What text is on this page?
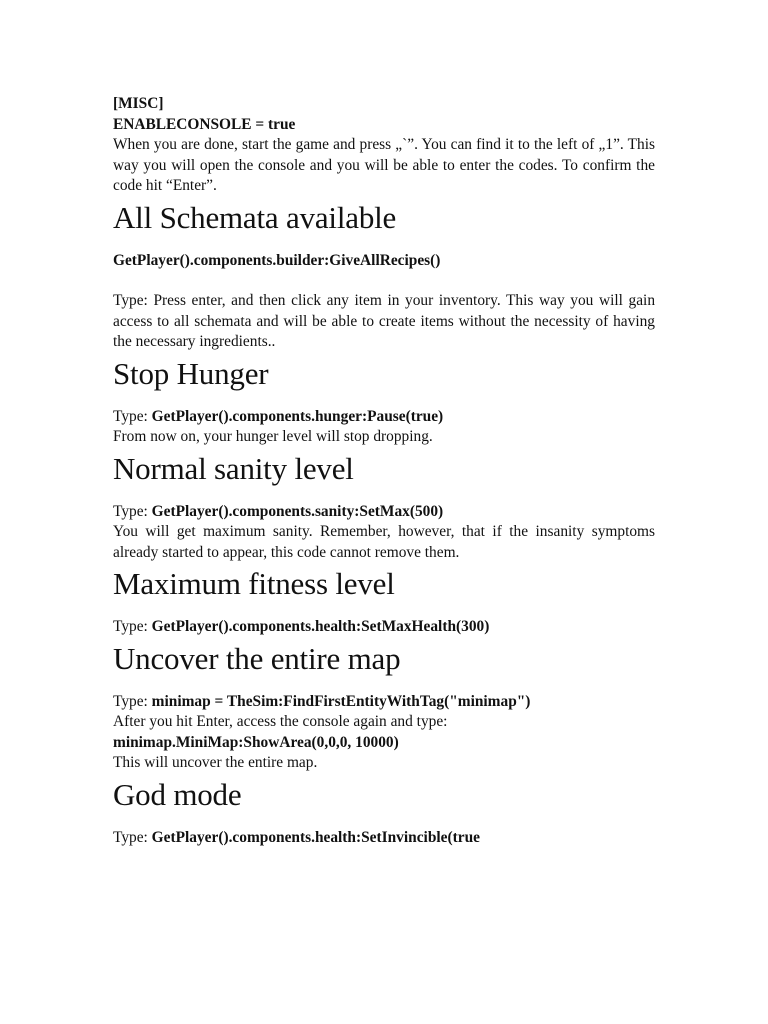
[MISC]

ENABLECONSOLE = true

When you are done, start the game and press „`”. You can find it to the left of „1”. This way you will open the console and you will be able to enter the codes. To confirm the code hit “Enter”.

All Schemata available

GetPlayer().components.builder:GiveAllRecipes()

Type: Press enter, and then click any item in your inventory. This way you will gain access to all schemata and will be able to create items without the necessity of having the necessary ingredients..

Stop Hunger

Type: GetPlayer().components.hunger:Pause(true)

From now on, your hunger level will stop dropping.

Normal sanity level

Type: GetPlayer().components.sanity:SetMax(500)

You will get maximum sanity. Remember, however, that if the insanity symptoms already started to appear, this code cannot remove them.

Maximum fitness level

Type: GetPlayer().components.health:SetMaxHealth(300)

Uncover the entire map

Type: minimap = TheSim:FindFirstEntityWithTag("minimap")

After you hit Enter, access the console again and type:

minimap.MiniMap:ShowArea(0,0,0, 10000)

This will uncover the entire map.

God mode

Type: GetPlayer().components.health:SetInvincible(true
